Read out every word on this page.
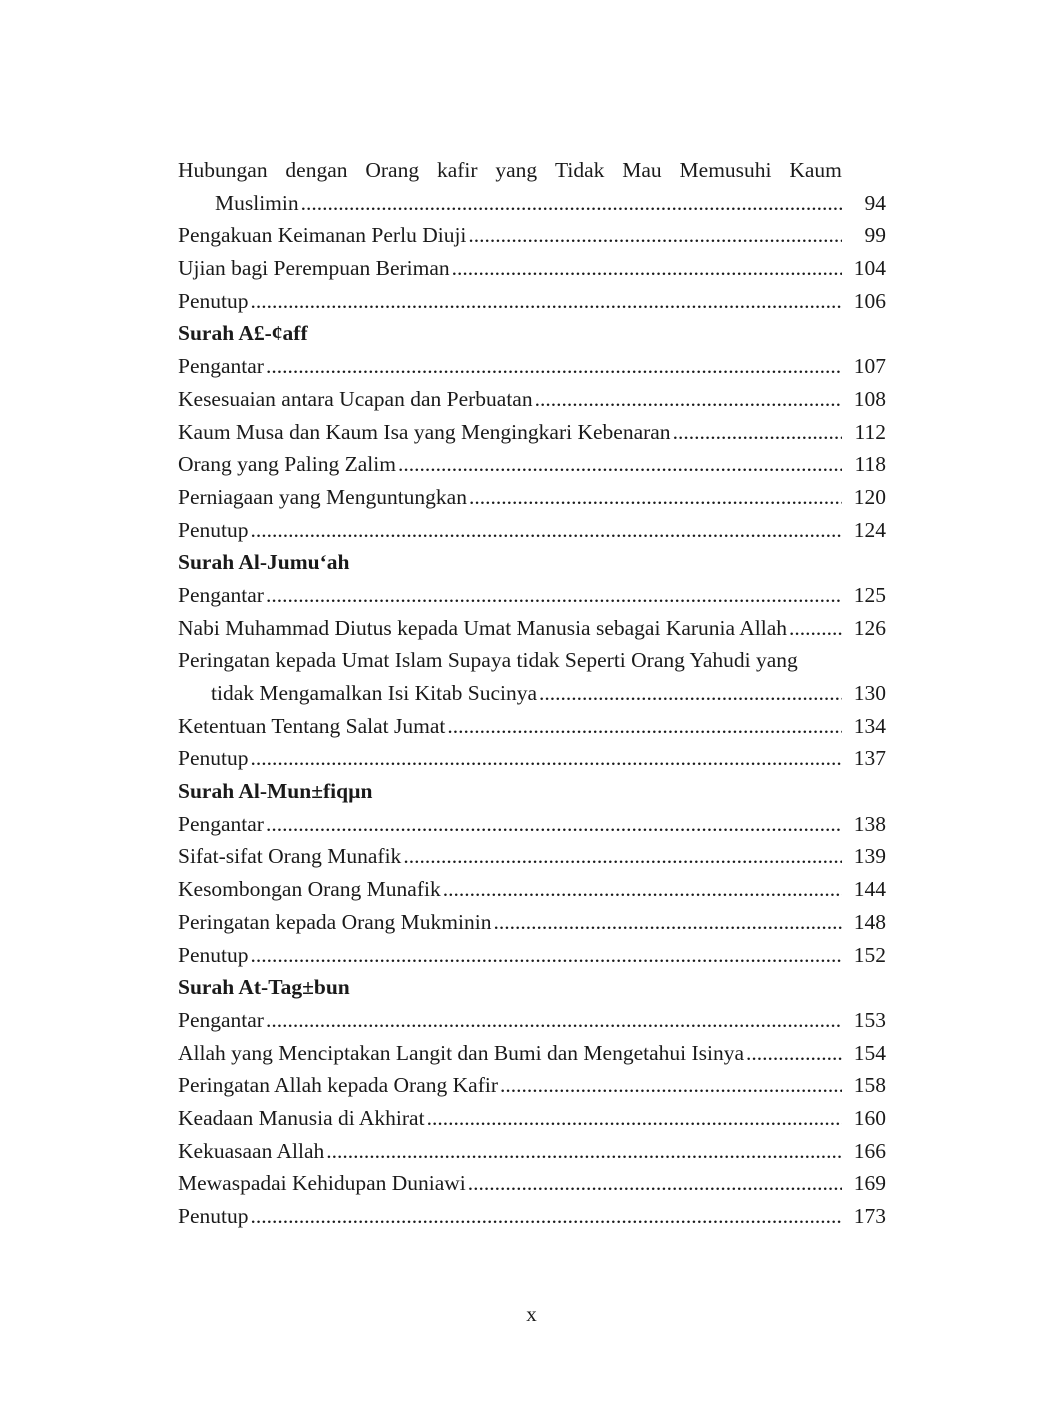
Hubungan dengan Orang kafir yang Tidak Mau Memusuhi Kaum
Muslimin .....	94
Pengakuan Keimanan Perlu Diuji .....	99
Ujian bagi Perempuan Beriman .....	104
Penutup .....	106
Surah A£-¢aff
Pengantar .....	107
Kesesuaian antara Ucapan dan Perbuatan .....	108
Kaum Musa dan Kaum Isa yang Mengingkari Kebenaran .....	112
Orang yang Paling Zalim .....	118
Perniagaan yang Menguntungkan .....	120
Penutup .....	124
Surah Al-Jumu‘ah
Pengantar .....	125
Nabi Muhammad Diutus kepada Umat Manusia sebagai Karunia Allah .....	126
Peringatan kepada Umat Islam Supaya tidak Seperti Orang Yahudi yang
tidak Mengamalkan Isi Kitab Sucinya .....	130
Ketentuan Tentang Salat Jumat .....	134
Penutup .....	137
Surah Al-Mun±fiqµn
Pengantar .....	138
Sifat-sifat Orang Munafik .....	139
Kesombongan Orang Munafik .....	144
Peringatan kepada Orang Mukminin .....	148
Penutup .....	152
Surah At-Tag±bun
Pengantar .....	153
Allah yang Menciptakan Langit dan Bumi dan Mengetahui Isinya .....	154
Peringatan Allah kepada Orang Kafir .....	158
Keadaan Manusia di Akhirat .....	160
Kekuasaan Allah .....	166
Mewaspadai Kehidupan Duniawi .....	169
Penutup .....	173
x
